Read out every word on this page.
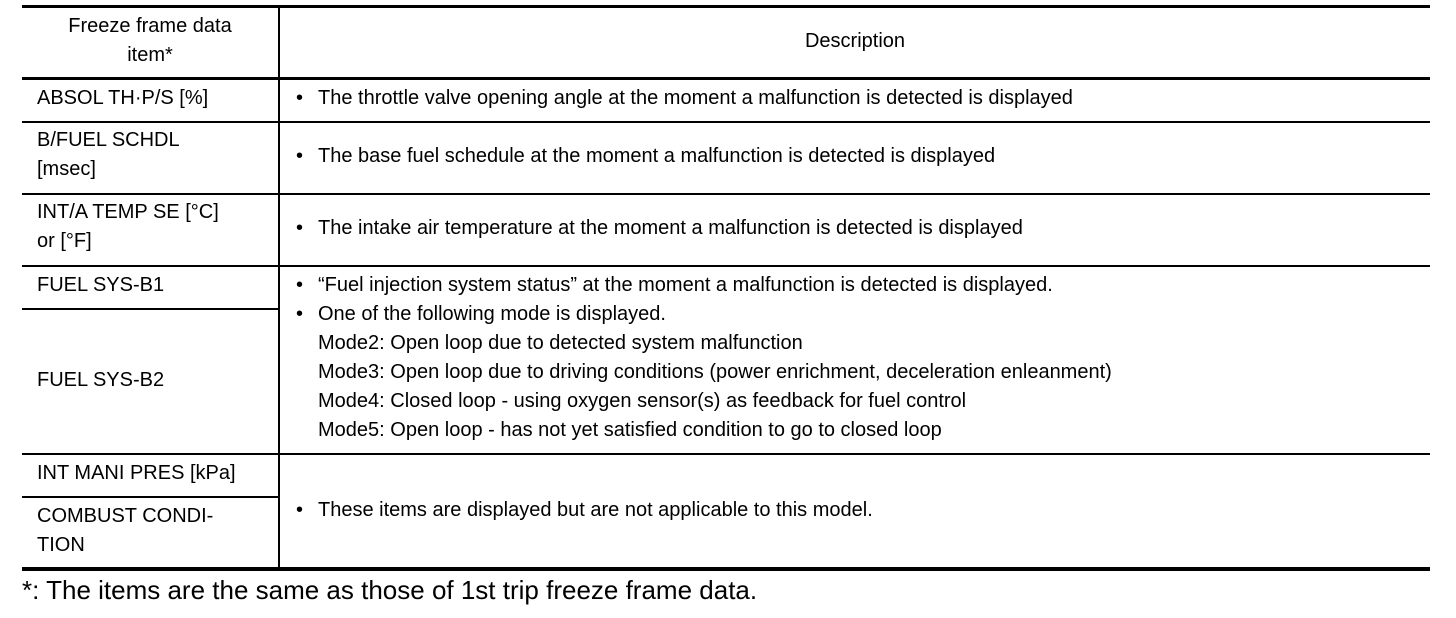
Freeze frame data
item*
Description
ABSOL TH·P/S [%]	• The throttle valve opening angle at the moment a malfunction is detected is displayed
B/FUEL SCHDL
[msec]
• The base fuel schedule at the moment a malfunction is detected is displayed
INT/A TEMP SE [°C]
or [°F]
• The intake air temperature at the moment a malfunction is detected is displayed
FUEL SYS-B1
FUEL SYS-B2
• “Fuel injection system status” at the moment a malfunction is detected is displayed.
• One of the following mode is displayed.
Mode2: Open loop due to detected system malfunction
Mode3: Open loop due to driving conditions (power enrichment, deceleration enleanment)
Mode4: Closed loop - using oxygen sensor(s) as feedback for fuel control
Mode5: Open loop - has not yet satisfied condition to go to closed loop
INT MANI PRES [kPa]
COMBUST CONDI-
TION
• These items are displayed but are not applicable to this model.
*: The items are the same as those of 1st trip freeze frame data.
